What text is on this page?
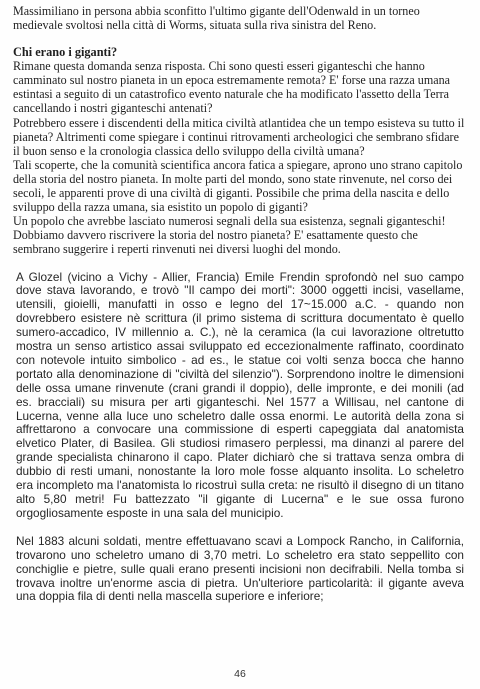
Massimiliano in persona abbia sconfitto l'ultimo gigante dell'Odenwald in un torneo medievale svoltosi nella città di Worms, situata sulla riva sinistra del Reno.

Chi erano i giganti?

Rimane questa domanda senza risposta. Chi sono questi esseri giganteschi che hanno camminato sul nostro pianeta in un epoca estremamente remota? E' forse una razza umana estintasi a seguito di un catastrofico evento naturale che ha modificato l'assetto della Terra cancellando i nostri giganteschi antenati?

Potrebbero essere i discendenti della mitica civiltà atlantidea che un tempo esisteva su tutto il pianeta? Altrimenti come spiegare i continui ritrovamenti archeologici che sembrano sfidare il buon senso e la cronologia classica dello sviluppo della civiltà umana?

Tali scoperte, che la comunità scientifica ancora fatica a spiegare, aprono uno strano capitolo della storia del nostro pianeta. In molte parti del mondo, sono state rinvenute, nel corso dei secoli, le apparenti prove di una civiltà di giganti. Possibile che prima della nascita e dello sviluppo della razza umana, sia esistito un popolo di giganti?

Un popolo che avrebbe lasciato numerosi segnali della sua esistenza, segnali giganteschi! Dobbiamo davvero riscrivere la storia del nostro pianeta? E' esattamente questo che sembrano suggerire i reperti rinvenuti nei diversi luoghi del mondo.

A Glozel (vicino a Vichy - Allier, Francia) Emile Frendin sprofondò nel suo campo dove stava lavorando, e trovò "Il campo dei morti": 3000 oggetti incisi, vasellame, utensili, gioielli, manufatti in osso e legno del 17~15.000 a.C. - quando non dovrebbero esistere nè scrittura (il primo sistema di scrittura documentato è quello sumero-accadico, IV millennio a. C.), nè la ceramica (la cui lavorazione oltretutto mostra un senso artistico assai sviluppato ed eccezionalmente raffinato, coordinato con notevole intuito simbolico - ad es., le statue coi volti senza bocca che hanno portato alla denominazione di "civiltà del silenzio"). Sorprendono inoltre le dimensioni delle ossa umane rinvenute (crani grandi il doppio), delle impronte, e dei monili (ad es. bracciali) su misura per arti giganteschi. Nel 1577 a Willisau, nel cantone di Lucerna, venne alla luce uno scheletro dalle ossa enormi. Le autorità della zona si affrettarono a convocare una commissione di esperti capeggiata dal anatomista elvetico Plater, di Basilea. Gli studiosi rimasero perplessi, ma dinanzi al parere del grande specialista chinarono il capo. Plater dichiarò che si trattava senza ombra di dubbio di resti umani, nonostante la loro mole fosse alquanto insolita. Lo scheletro era incompleto ma l'anatomista lo ricostruì sulla creta: ne risultò il disegno di un titano alto 5,80 metri! Fu battezzato "il gigante di Lucerna" e le sue ossa furono orgogliosamente esposte in una sala del municipio.

Nel 1883 alcuni soldati, mentre effettuavano scavi a Lompock Rancho, in California, trovarono uno scheletro umano di 3,70 metri. Lo scheletro era stato seppellito con conchiglie e pietre, sulle quali erano presenti incisioni non decifrabili. Nella tomba si trovava inoltre un'enorme ascia di pietra. Un'ulteriore particolarità: il gigante aveva una doppia fila di denti nella mascella superiore e inferiore;

46
